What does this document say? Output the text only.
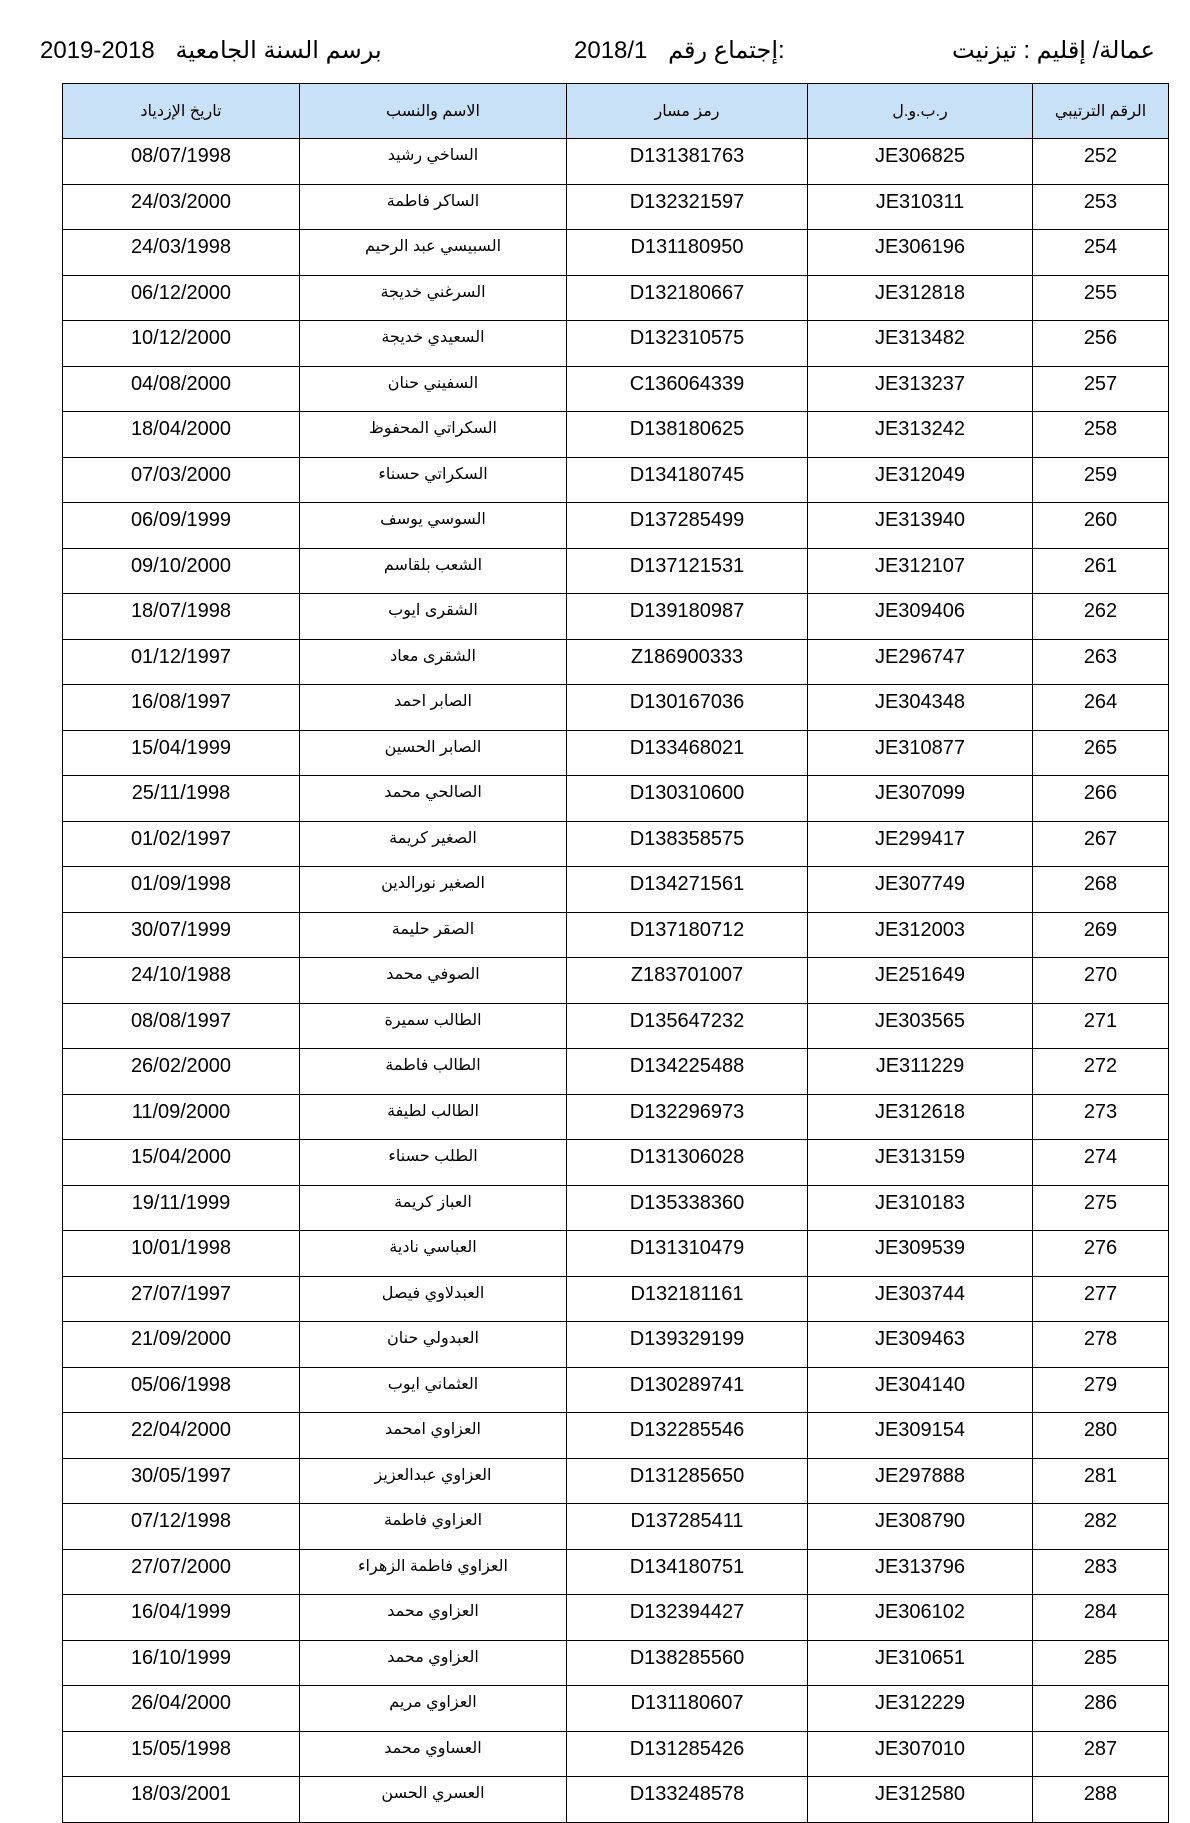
عمالة/ إقليم : تيزنيت
2018/1 إجتماع رقم:
2019-2018 برسم السنة الجامعية
تاريخ الإزدياد	الاسم والنسب	رمز مسار	ر.ب.و.ل	الرقم الترتيبي
08/07/1998	الساخي رشيد	D131381763	JE306825	252
24/03/2000	الساكر فاطمة	D132321597	JE310311	253
24/03/1998	السبيسي عبد الرحيم	D131180950	JE306196	254
06/12/2000	السرغني خديجة	D132180667	JE312818	255
10/12/2000	السعيدي خديجة	D132310575	JE313482	256
04/08/2000	السفيني حنان	C136064339	JE313237	257
18/04/2000	السكراتي المحفوظ	D138180625	JE313242	258
07/03/2000	السكراتي حسناء	D134180745	JE312049	259
06/09/1999	السوسي يوسف	D137285499	JE313940	260
09/10/2000	الشعب بلقاسم	D137121531	JE312107	261
18/07/1998	الشقرى ايوب	D139180987	JE309406	262
01/12/1997	الشقرى معاد	Z186900333	JE296747	263
16/08/1997	الصابر احمد	D130167036	JE304348	264
15/04/1999	الصابر الحسين	D133468021	JE310877	265
25/11/1998	الصالحي محمد	D130310600	JE307099	266
01/02/1997	الصغير كريمة	D138358575	JE299417	267
01/09/1998	الصغير نورالدين	D134271561	JE307749	268
30/07/1999	الصقر حليمة	D137180712	JE312003	269
24/10/1988	الصوفي محمد	Z183701007	JE251649	270
08/08/1997	الطالب سميرة	D135647232	JE303565	271
26/02/2000	الطالب فاطمة	D134225488	JE311229	272
11/09/2000	الطالب لطيفة	D132296973	JE312618	273
15/04/2000	الطلب حسناء	D131306028	JE313159	274
19/11/1999	العباز كريمة	D135338360	JE310183	275
10/01/1998	العباسي نادية	D131310479	JE309539	276
27/07/1997	العبدلاوي فيصل	D132181161	JE303744	277
21/09/2000	العبدولي حنان	D139329199	JE309463	278
05/06/1998	العثماني ايوب	D130289741	JE304140	279
22/04/2000	العزاوي امحمد	D132285546	JE309154	280
30/05/1997	العزاوي عبدالعزيز	D131285650	JE297888	281
07/12/1998	العزاوي فاطمة	D137285411	JE308790	282
27/07/2000	العزاوي فاطمة الزهراء	D134180751	JE313796	283
16/04/1999	العزاوي محمد	D132394427	JE306102	284
16/10/1999	العزاوي محمد	D138285560	JE310651	285
26/04/2000	العزاوي مريم	D131180607	JE312229	286
15/05/1998	العساوي محمد	D131285426	JE307010	287
18/03/2001	العسري الحسن	D133248578	JE312580	288
